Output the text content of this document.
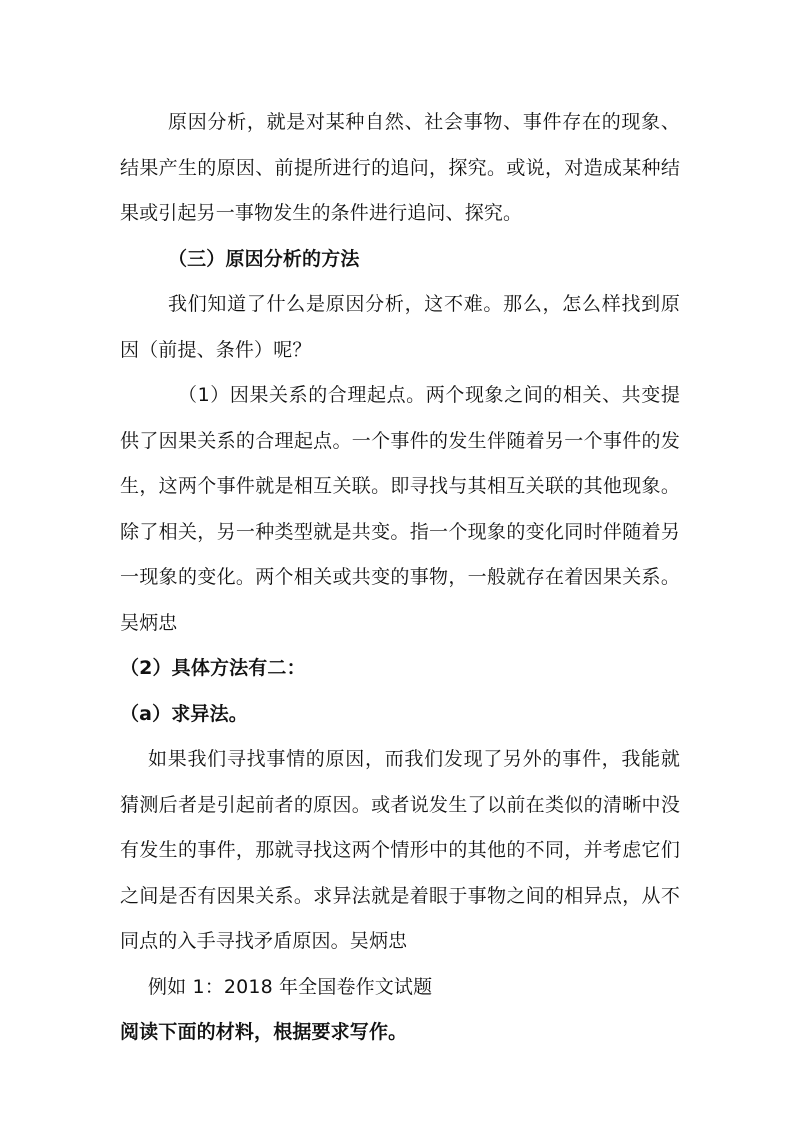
原因分析，就是对某种自然、社会事物、事件存在的现象、结果产生的原因、前提所进行的追问，探究。或说，对造成某种结果或引起另一事物发生的条件进行追问、探究。

（三）原因分析的方法

我们知道了什么是原因分析，这不难。那么，怎么样找到原因（前提、条件）呢？

（1）因果关系的合理起点。两个现象之间的相关、共变提供了因果关系的合理起点。一个事件的发生伴随着另一个事件的发生，这两个事件就是相互关联。即寻找与其相互关联的其他现象。除了相关，另一种类型就是共变。指一个现象的变化同时伴随着另一现象的变化。两个相关或共变的事物，一般就存在着因果关系。吴炳忠

（2）具体方法有二：

（a）求异法。

如果我们寻找事情的原因，而我们发现了另外的事件，我能就猜测后者是引起前者的原因。或者说发生了以前在类似的清晰中没有发生的事件，那就寻找这两个情形中的其他的不同，并考虑它们之间是否有因果关系。求异法就是着眼于事物之间的相异点，从不同点的入手寻找矛盾原因。吴炳忠

例如 1：2018 年全国卷作文试题

阅读下面的材料，根据要求写作。
